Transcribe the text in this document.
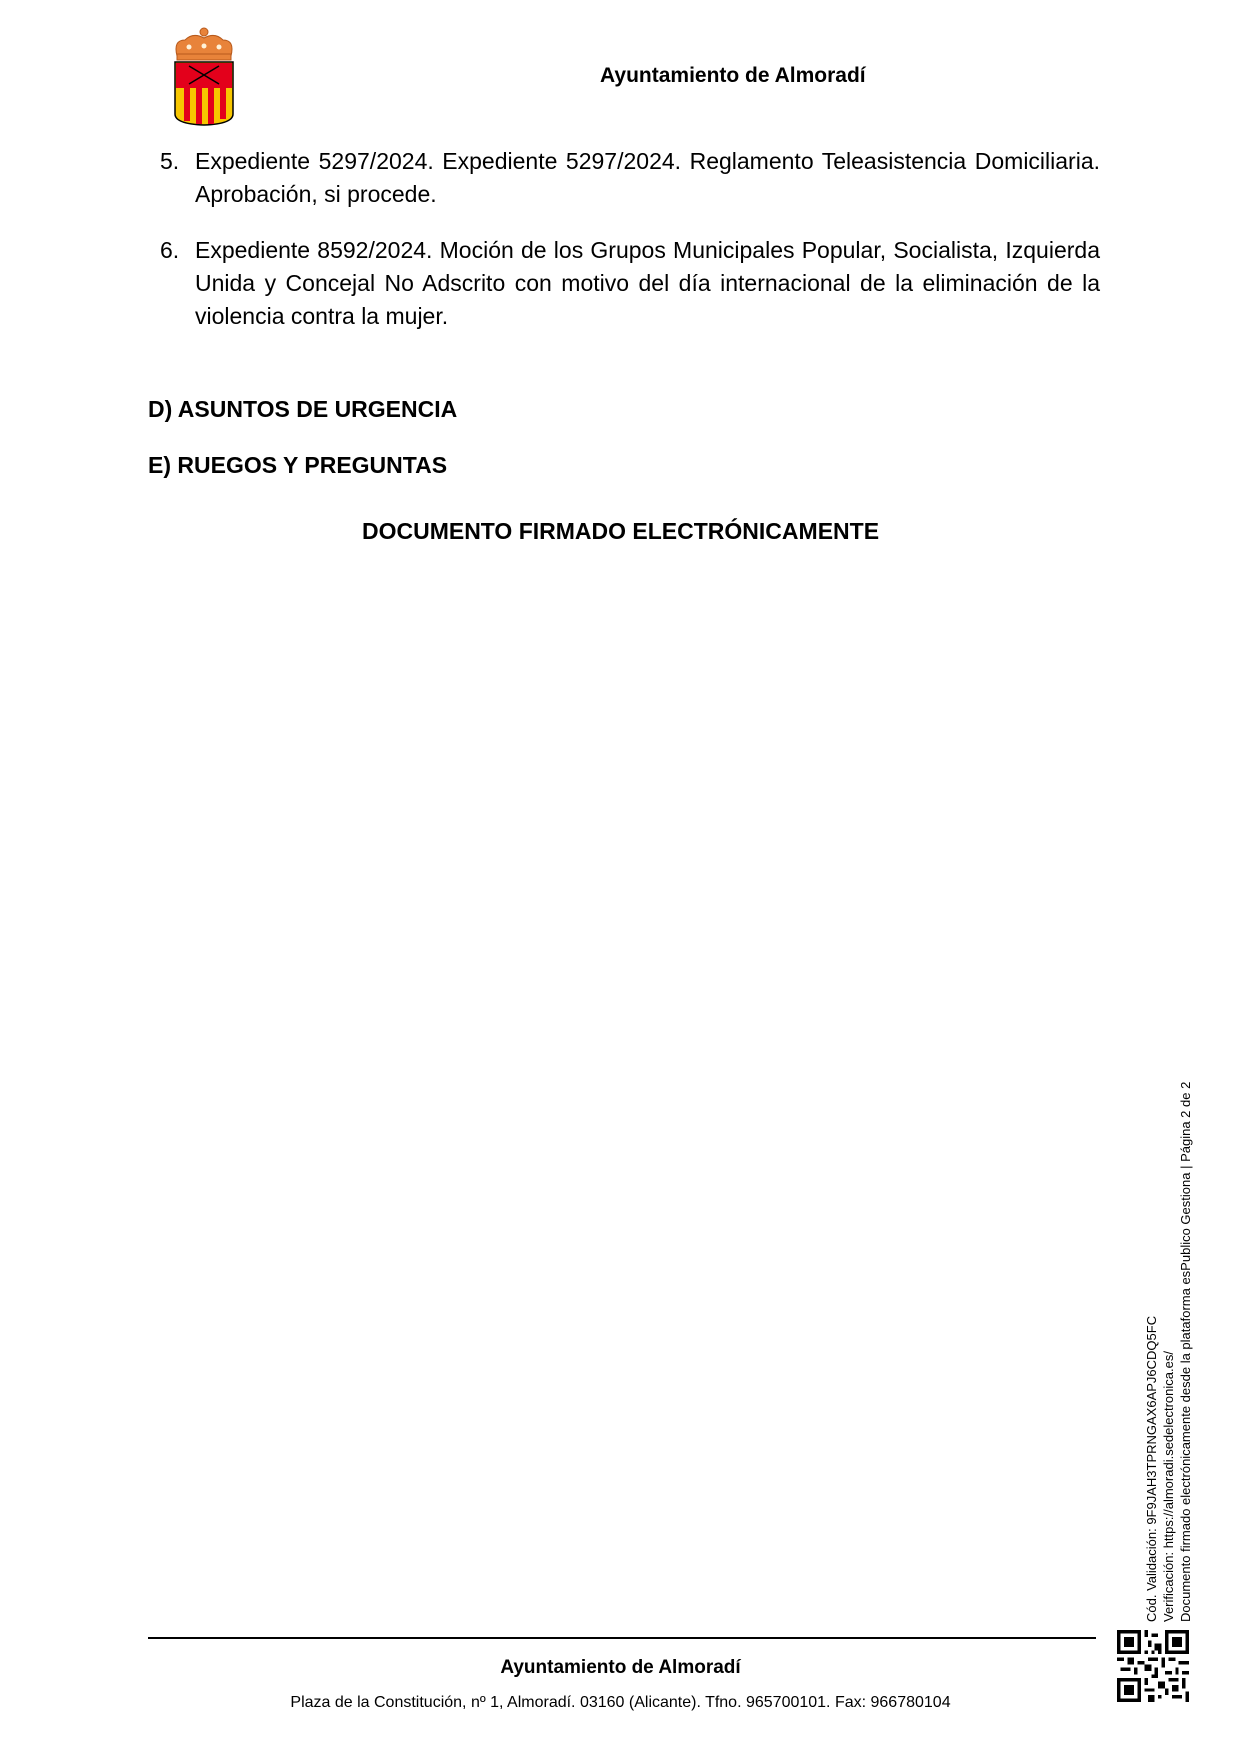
Ayuntamiento de Almoradí
5. Expediente 5297/2024. Expediente 5297/2024. Reglamento Teleasistencia Domiciliaria. Aprobación, si procede.
6. Expediente 8592/2024. Moción de los Grupos Municipales Popular, Socialista, Izquierda Unida y Concejal No Adscrito con motivo del día internacional de la eliminación de la violencia contra la mujer.
D) ASUNTOS DE URGENCIA
E) RUEGOS Y PREGUNTAS
DOCUMENTO FIRMADO ELECTRÓNICAMENTE
Cód. Validación: 9F9JAH3TPRNGAX6APJ6CDQ5FC Verificación: https://almoradi.sedelectronica.es/ Documento firmado electrónicamente desde la plataforma esPublico Gestiona | Página 2 de 2
Ayuntamiento de Almoradí
Plaza de la Constitución, nº 1, Almoradí. 03160 (Alicante). Tfno. 965700101. Fax: 966780104
